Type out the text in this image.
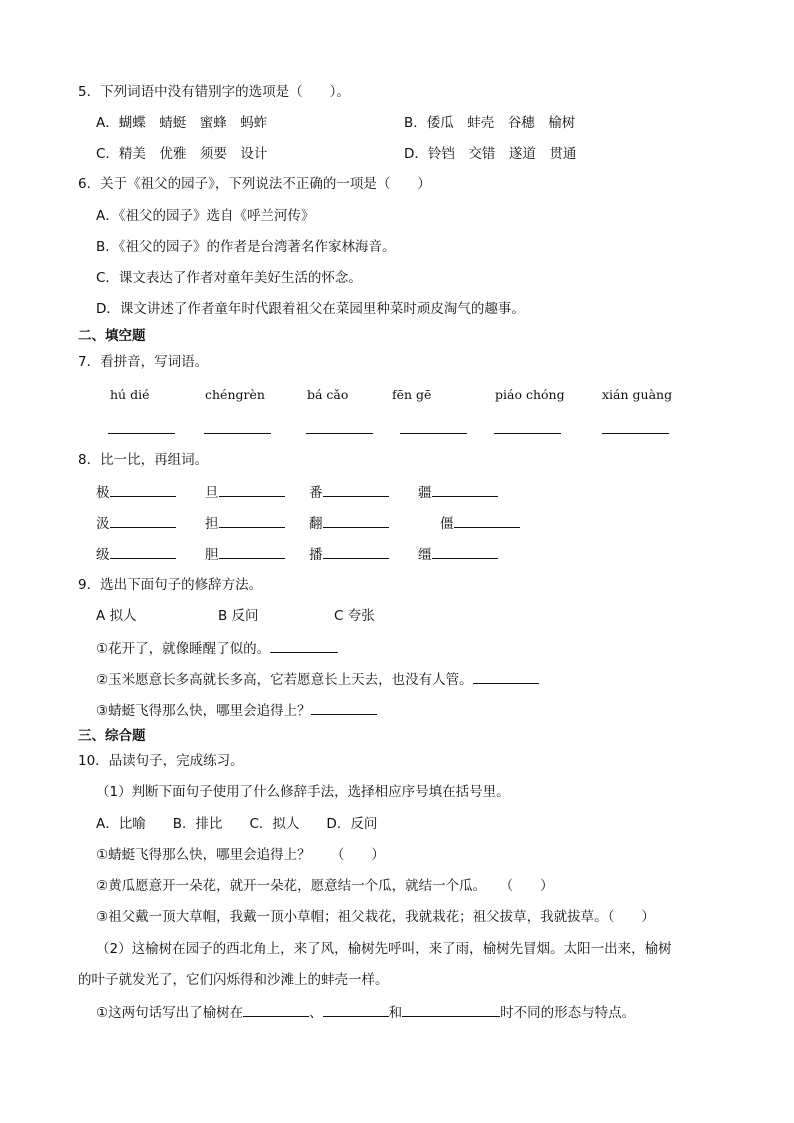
5．下列词语中没有错别字的选项是（　　）。
A．蝴蝶　蜻蜓　蜜蜂　蚂蚱	B．倭瓜　蚌壳　谷穗　榆树
C．精美　优雅　须要　设计	D．铃铛　交错　遂道　贯通
6．关于《祖父的园子》，下列说法不正确的一项是（　　）
A．《祖父的园子》选自《呼兰河传》
B．《祖父的园子》的作者是台湾著名作家林海音。
C．课文表达了作者对童年美好生活的怀念。
D．课文讲述了作者童年时代跟着祖父在菜园里种菜时顽皮淘气的趣事。
二、填空题
7．看拼音，写词语。
hú dié	chéngrèn	bá cǎo	fēn gē	piáo chóng	xián guàng
8．比一比，再组词。
极	旦	番	疆
汲	担	翻	僵
级	胆	播	缰
9．选出下面句子的修辞方法。
A 拟人	B 反问	C 夸张
①花开了，就像睡醒了似的。
②玉米愿意长多高就长多高，它若愿意长上天去，也没有人管。
③蜻蜓飞得那么快，哪里会追得上？
三、综合题
10．品读句子，完成练习。
（1）判断下面句子使用了什么修辞手法，选择相应序号填在括号里。
A．比喻　　B．排比　　C．拟人　　D．反问
①蜻蜓飞得那么快，哪里会追得上？　　（　　）
②黄瓜愿意开一朵花，就开一朵花，愿意结一个瓜，就结一个瓜。　　（　　）
③祖父戴一顶大草帽，我戴一顶小草帽；祖父栽花，我就栽花；祖父拔草，我就拔草。（　　）
（2）这榆树在园子的西北角上，来了风，榆树先呼叫，来了雨，榆树先冒烟。太阳一出来，榆树
的叶子就发光了，它们闪烁得和沙滩上的蚌壳一样。
①这两句话写出了榆树在	、	和	时不同的形态与特点。
